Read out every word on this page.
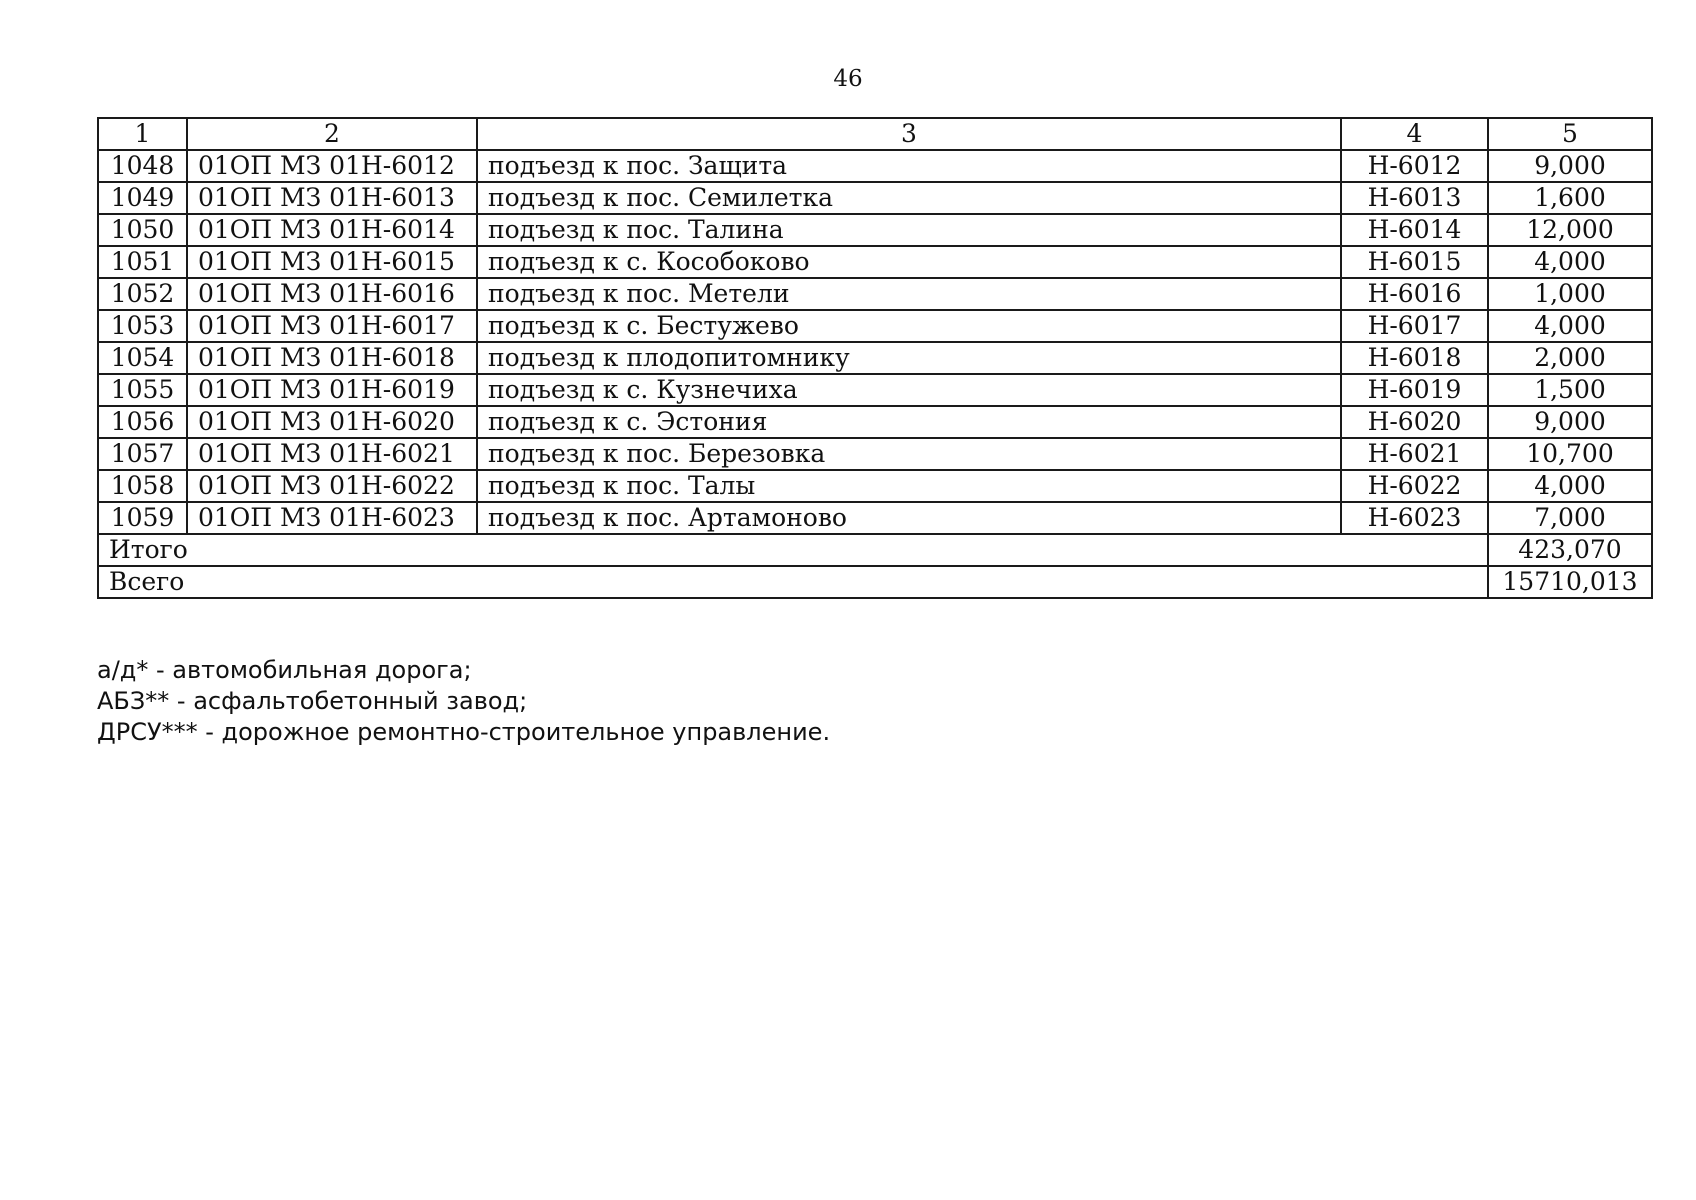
46
1	2	3	4	5
1048	01ОП МЗ 01Н-6012	подъезд к пос. Защита	Н-6012	9,000
1049	01ОП МЗ 01Н-6013	подъезд к пос. Семилетка	Н-6013	1,600
1050	01ОП МЗ 01Н-6014	подъезд к пос. Талина	Н-6014	12,000
1051	01ОП МЗ 01Н-6015	подъезд к с. Кособоково	Н-6015	4,000
1052	01ОП МЗ 01Н-6016	подъезд к пос. Метели	Н-6016	1,000
1053	01ОП МЗ 01Н-6017	подъезд к с. Бестужево	Н-6017	4,000
1054	01ОП МЗ 01Н-6018	подъезд к плодопитомнику	Н-6018	2,000
1055	01ОП МЗ 01Н-6019	подъезд к с. Кузнечиха	Н-6019	1,500
1056	01ОП МЗ 01Н-6020	подъезд к с. Эстония	Н-6020	9,000
1057	01ОП МЗ 01Н-6021	подъезд к пос. Березовка	Н-6021	10,700
1058	01ОП МЗ 01Н-6022	подъезд к пос. Талы	Н-6022	4,000
1059	01ОП МЗ 01Н-6023	подъезд к пос. Артамоново	Н-6023	7,000
Итого				423,070
Всего				15710,013
а/д* - автомобильная дорога;
АБЗ** - асфальтобетонный завод;
ДРСУ*** - дорожное ремонтно-строительное управление.
